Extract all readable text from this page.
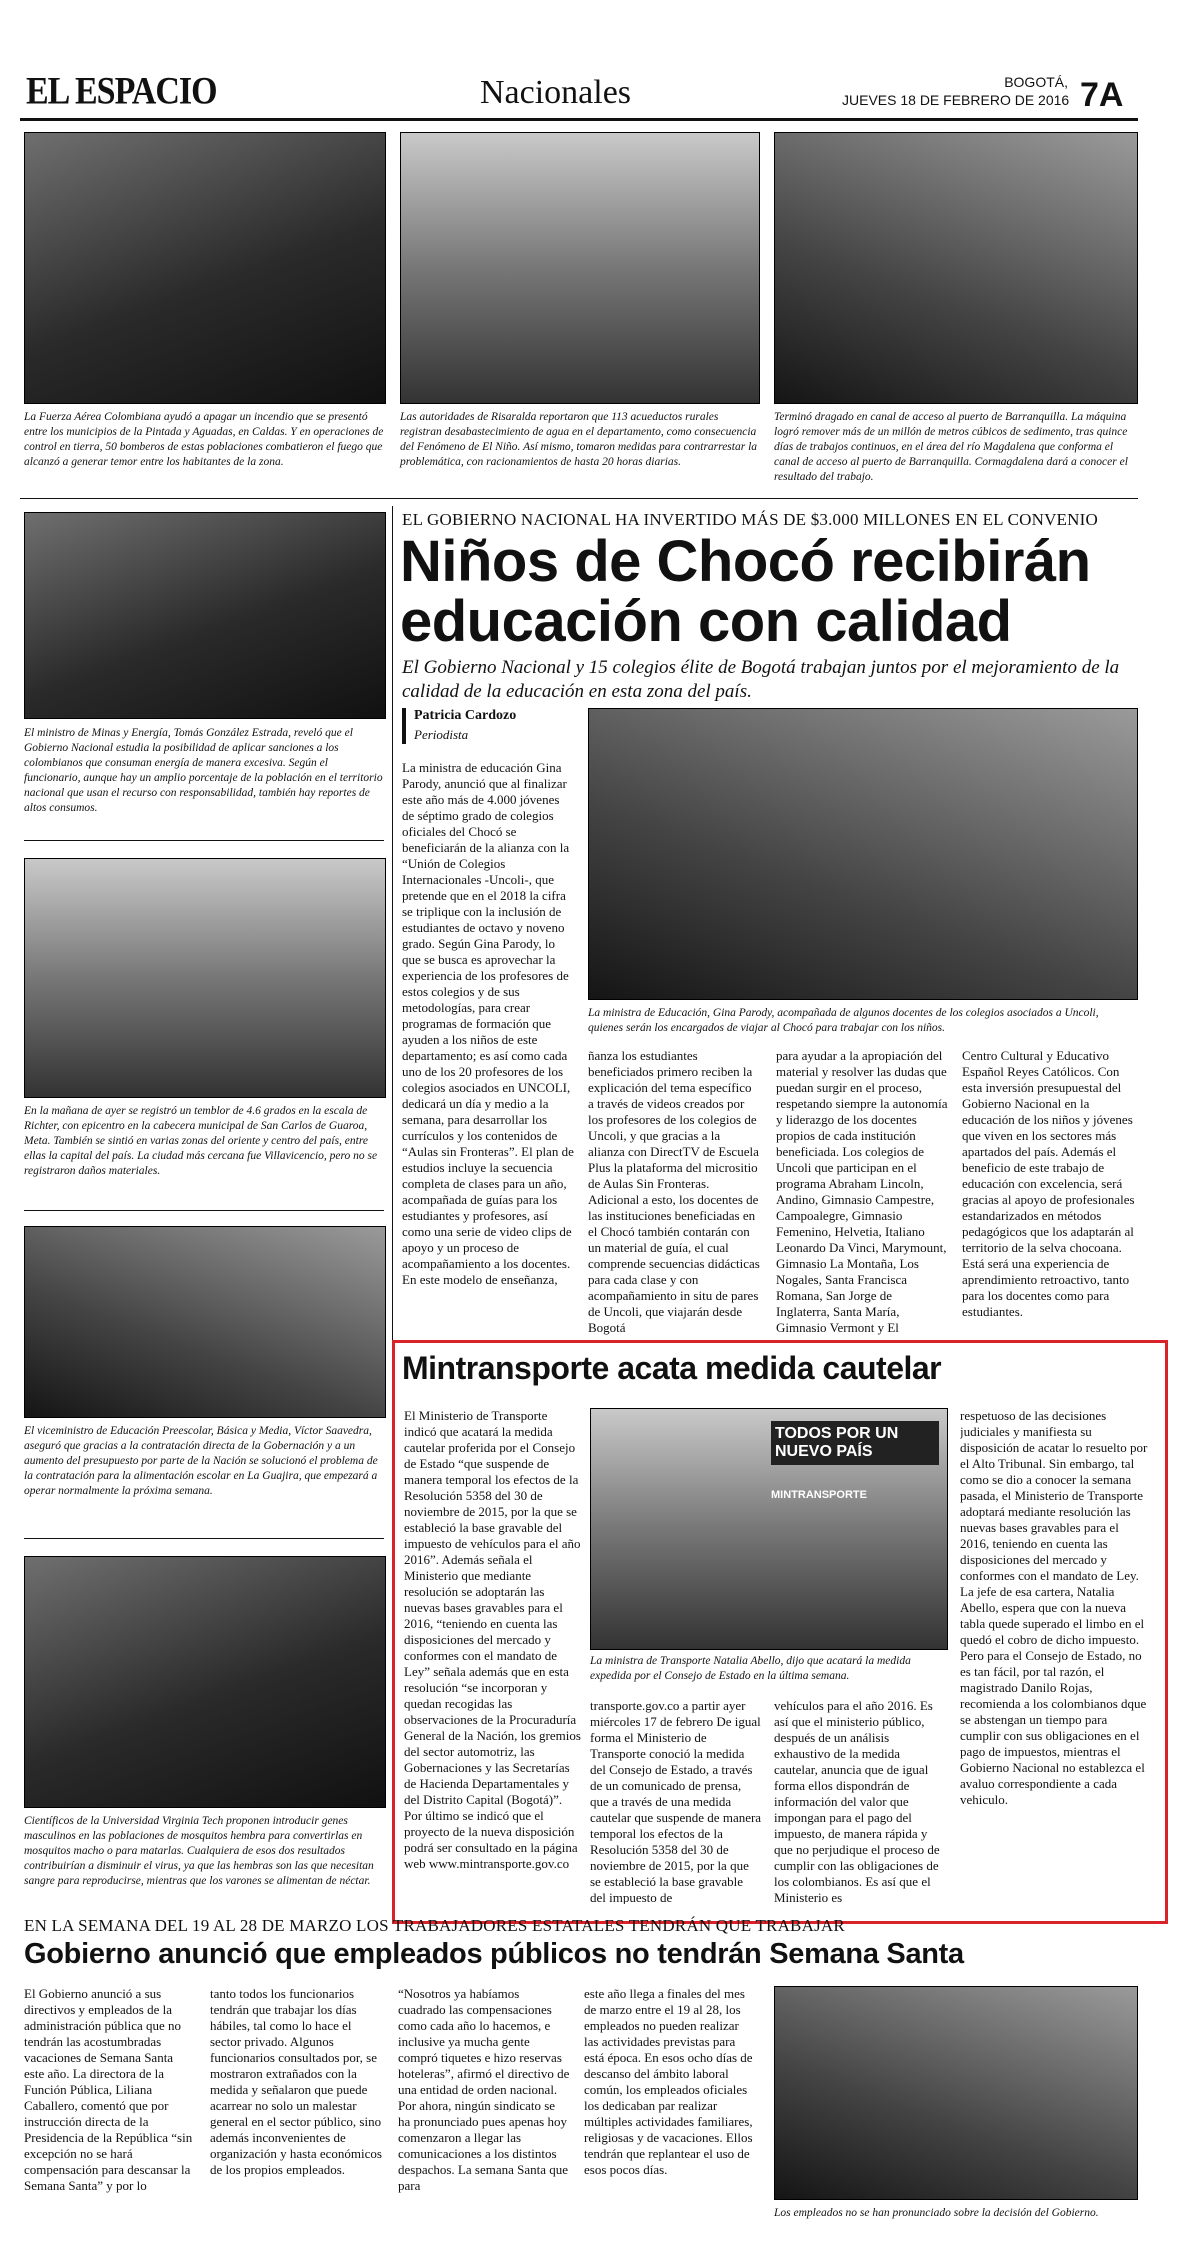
EL ESPACIO	Nacionales	BOGOTÁ,
JUEVES 18 DE FEBRERO DE 2016 7A
La Fuerza Aérea Colombiana ayudó a apagar un incendio que se presentó entre los municipios de la Pintada y Aguadas, en Caldas. Y en operaciones de control en tierra, 50 bomberos de estas poblaciones combatieron el fuego que alcanzó a generar temor entre los habitantes de la zona.
Las autoridades de Risaralda reportaron que 113 acueductos rurales registran desabastecimiento de agua en el departamento, como consecuencia del Fenómeno de El Niño. Así mismo, tomaron medidas para contrarrestar la problemática, con racionamientos de hasta 20 horas diarias.
Terminó dragado en canal de acceso al puerto de Barranquilla. La máquina logró remover más de un millón de metros cúbicos de sedimento, tras quince días de trabajos continuos, en el área del río Magdalena que conforma el canal de acceso al puerto de Barranquilla. Cormagdalena dará a conocer el resultado del trabajo.
El ministro de Minas y Energía, Tomás González Estrada, reveló que el Gobierno Nacional estudia la posibilidad de aplicar sanciones a los colombianos que consuman energía de manera excesiva. Según el funcionario, aunque hay un amplio porcentaje de la población en el territorio nacional que usan el recurso con responsabilidad, también hay reportes de altos consumos.
En la mañana de ayer se registró un temblor de 4.6 grados en la escala de Richter, con epicentro en la cabecera municipal de San Carlos de Guaroa, Meta. También se sintió en varias zonas del oriente y centro del país, entre ellas la capital del país. La ciudad más cercana fue Villavicencio, pero no se registraron daños materiales.
El viceministro de Educación Preescolar, Básica y Media, Víctor Saavedra, aseguró que gracias a la contratación directa de la Gobernación y a un aumento del presupuesto por parte de la Nación se solucionó el problema de la contratación para la alimentación escolar en La Guajira, que empezará a operar normalmente la próxima semana.
Científicos de la Universidad Virginia Tech proponen introducir genes masculinos en las poblaciones de mosquitos hembra para convertirlas en mosquitos macho o para matarlas. Cualquiera de esos dos resultados contribuirían a disminuir el virus, ya que las hembras son las que necesitan sangre para reproducirse, mientras que los varones se alimentan de néctar.
EL GOBIERNO NACIONAL HA INVERTIDO MÁS DE $3.000 MILLONES EN EL CONVENIO
Niños de Chocó recibirán educación con calidad
El Gobierno Nacional y 15 colegios élite de Bogotá trabajan juntos por el mejoramiento de la calidad de la educación en esta zona del país.
Patricia Cardozo
Periodista
La ministra de educación Gina Parody, anunció que al finalizar este año más de 4.000 jóvenes de séptimo grado de colegios oficiales del Chocó se beneficiarán de la alianza con la “Unión de Colegios Internacionales -Uncoli-, que pretende que en el 2018 la cifra se triplique con la inclusión de estudiantes de octavo y noveno grado. Según Gina Parody, lo que se busca es aprovechar la experiencia de los profesores de estos colegios y de sus metodologías, para crear programas de formación que ayuden a los niños de este departamento; es así como cada uno de los 20 profesores de los colegios asociados en UNCOLI, dedicará un día y medio a la semana, para desarrollar los currículos y los contenidos de “Aulas sin Fronteras”. El plan de estudios incluye la secuencia completa de clases para un año, acompañada de guías para los estudiantes y profesores, así como una serie de video clips de apoyo y un proceso de acompañamiento a los docentes. En este modelo de enseñanza,
La ministra de Educación, Gina Parody, acompañada de algunos docentes de los colegios asociados a Uncoli, quienes serán los encargados de viajar al Chocó para trabajar con los niños.
ñanza los estudiantes beneficiados primero reciben la explicación del tema específico a través de videos creados por los profesores de los colegios de Uncoli, y que gracias a la alianza con DirectTV de Escuela Plus la plataforma del micrositio de Aulas Sin Fronteras. Adicional a esto, los docentes de las instituciones beneficiadas en el Chocó también contarán con un material de guía, el cual comprende secuencias didácticas para cada clase y con acompañamiento in situ de pares de Uncoli, que viajarán desde Bogotá
para ayudar a la apropiación del material y resolver las dudas que puedan surgir en el proceso, respetando siempre la autonomía y liderazgo de los docentes propios de cada institución beneficiada. Los colegios de Uncoli que participan en el programa Abraham Lincoln, Andino, Gimnasio Campestre, Campoalegre, Gimnasio Femenino, Helvetia, Italiano Leonardo Da Vinci, Marymount, Gimnasio La Montaña, Los Nogales, Santa Francisca Romana, San Jorge de Inglaterra, Santa María, Gimnasio Vermont y El
Centro Cultural y Educativo Español Reyes Católicos. Con esta inversión presupuestal del Gobierno Nacional en la educación de los niños y jóvenes que viven en los sectores más apartados del país. Además el beneficio de este trabajo de educación con excelencia, será gracias al apoyo de profesionales estandarizados en métodos pedagógicos que los adaptarán al territorio de la selva chocoana. Está será una experiencia de aprendimiento retroactivo, tanto para los docentes como para estudiantes.
Mintransporte acata medida cautelar
El Ministerio de Transporte indicó que acatará la medida cautelar proferida por el Consejo de Estado “que suspende de manera temporal los efectos de la Resolución 5358 del 30 de noviembre de 2015, por la que se estableció la base gravable del impuesto de vehículos para el año 2016”. Además señala el Ministerio que mediante resolución se adoptarán las nuevas bases gravables para el 2016, “teniendo en cuenta las disposiciones del mercado y conformes con el mandato de Ley” señala además que en esta resolución “se incorporan y quedan recogidas las observaciones de la Procuraduría General de la Nación, los gremios del sector automotriz, las Gobernaciones y las Secretarías de Hacienda Departamentales y del Distrito Capital (Bogotá)”. Por último se indicó que el proyecto de la nueva disposición podrá ser consultado en la página web www.mintransporte.gov.co
TODOS POR UN NUEVO PAÍS
MINTRANSPORTE
La ministra de Transporte Natalia Abello, dijo que acatará la medida expedida por el Consejo de Estado en la última semana.
transporte.gov.co a partir ayer miércoles 17 de febrero De igual forma el Ministerio de Transporte conoció la medida del Consejo de Estado, a través de un comunicado de prensa, que a través de una medida cautelar que suspende de manera temporal los efectos de la Resolución 5358 del 30 de noviembre de 2015, por la que se estableció la base gravable del impuesto de
vehículos para el año 2016. Es así que el ministerio público, después de un análisis exhaustivo de la medida cautelar, anuncia que de igual forma ellos dispondrán de información del valor que impongan para el pago del impuesto, de manera rápida y que no perjudique el proceso de cumplir con las obligaciones de los colombianos. Es así que el Ministerio es
respetuoso de las decisiones judiciales y manifiesta su disposición de acatar lo resuelto por el Alto Tribunal. Sin embargo, tal como se dio a conocer la semana pasada, el Ministerio de Transporte adoptará mediante resolución las nuevas bases gravables para el 2016, teniendo en cuenta las disposiciones del mercado y conformes con el mandato de Ley. La jefe de esa cartera, Natalia Abello, espera que con la nueva tabla quede superado el limbo en el quedó el cobro de dicho impuesto. Pero para el Consejo de Estado, no es tan fácil, por tal razón, el magistrado Danilo Rojas, recomienda a los colombianos dque se abstengan un tiempo para cumplir con sus obligaciones en el pago de impuestos, mientras el Gobierno Nacional no establezca el avaluo correspondiente a cada vehiculo.
EN LA SEMANA DEL 19 AL 28 DE MARZO LOS TRABAJADORES ESTATALES TENDRÁN QUE TRABAJAR
Gobierno anunció que empleados públicos no tendrán Semana Santa
El Gobierno anunció a sus directivos y empleados de la administración pública que no tendrán las acostumbradas vacaciones de Semana Santa este año. La directora de la Función Pública, Liliana Caballero, comentó que por instrucción directa de la Presidencia de la República “sin excepción no se hará compensación para descansar la Semana Santa” y por lo
tanto todos los funcionarios tendrán que trabajar los días hábiles, tal como lo hace el sector privado. Algunos funcionarios consultados por, se mostraron extrañados con la medida y señalaron que puede acarrear no solo un malestar general en el sector público, sino además inconvenientes de organización y hasta económicos de los propios empleados.
“Nosotros ya habíamos cuadrado las compensaciones como cada año lo hacemos, e inclusive ya mucha gente compró tiquetes e hizo reservas hoteleras”, afirmó el directivo de una entidad de orden nacional. Por ahora, ningún sindicato se ha pronunciado pues apenas hoy comenzaron a llegar las comunicaciones a los distintos despachos. La semana Santa que para
este año llega a finales del mes de marzo entre el 19 al 28, los empleados no pueden realizar las actividades previstas para está época. En esos ocho días de descanso del ámbito laboral común, los empleados oficiales los dedicaban par realizar múltiples actividades familiares, religiosas y de vacaciones. Ellos tendrán que replantear el uso de esos pocos días.
Los empleados no se han pronunciado sobre la decisión del Gobierno.
